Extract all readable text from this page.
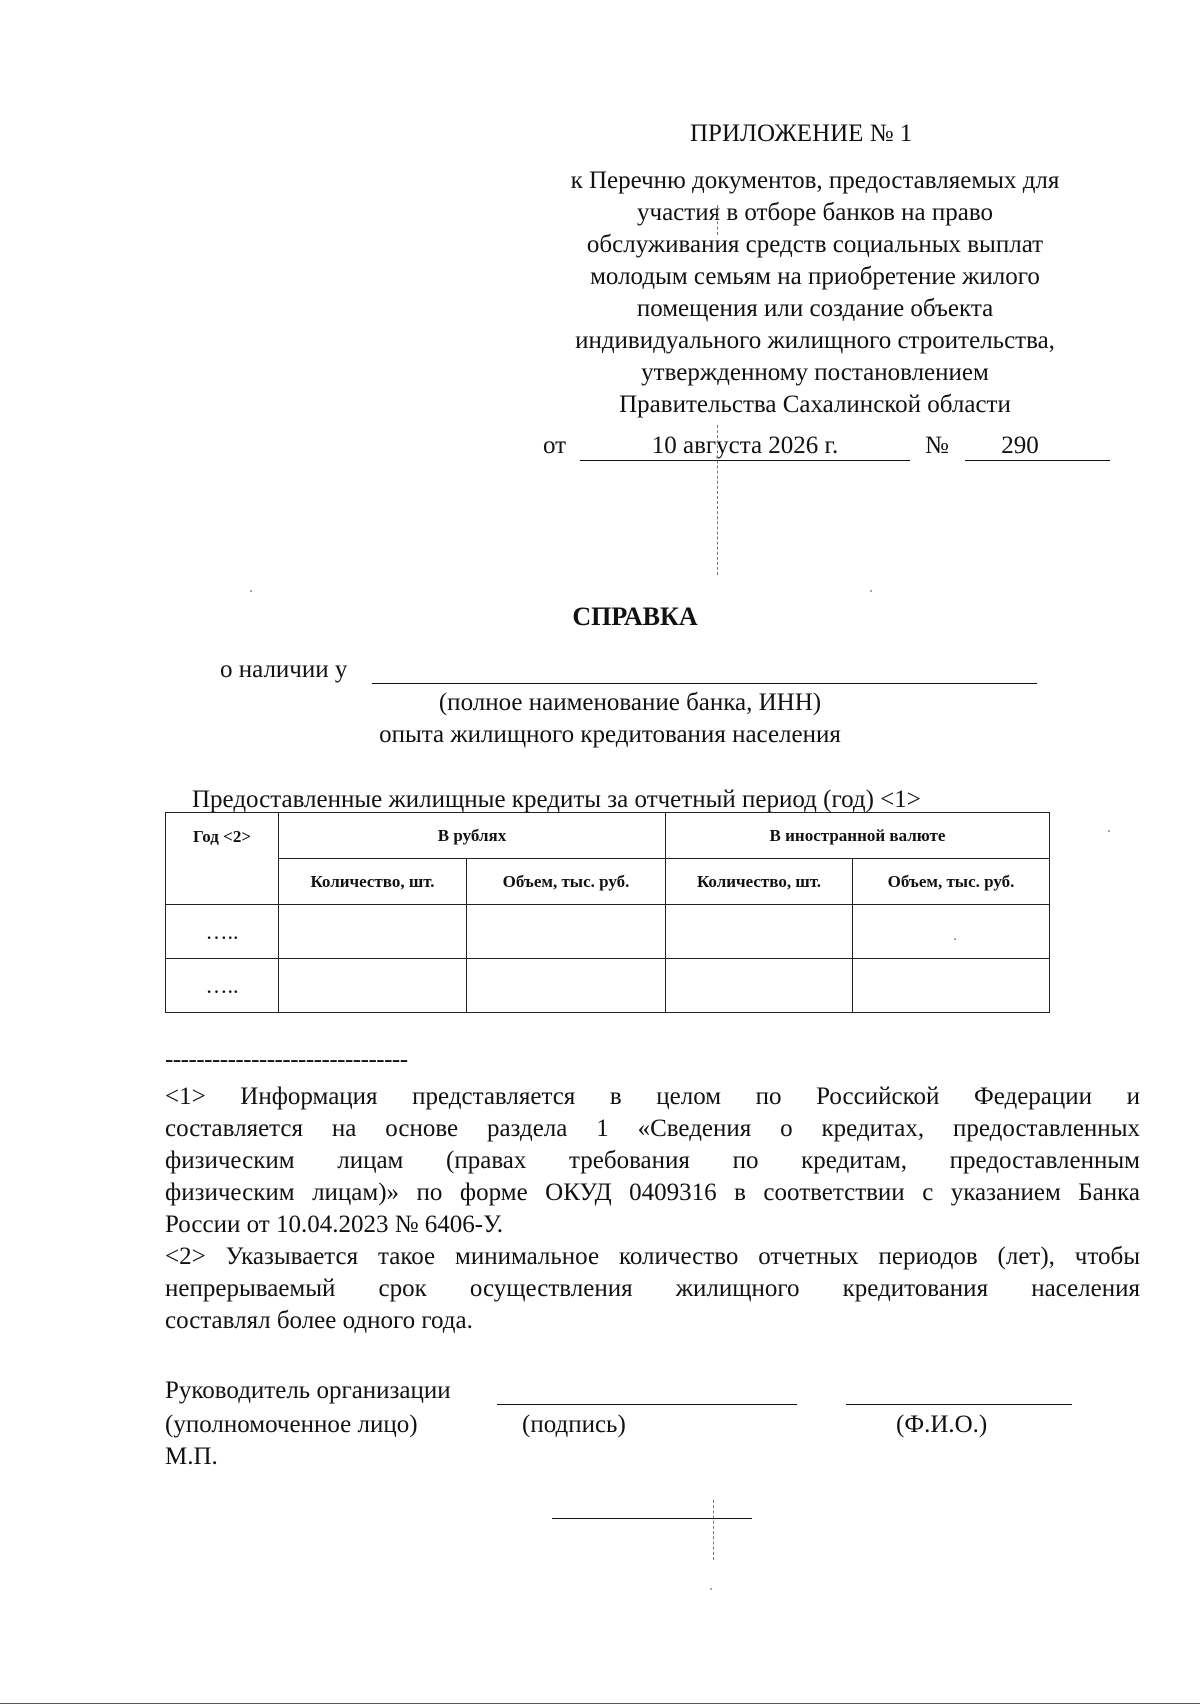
ПРИЛОЖЕНИЕ № 1
к Перечню документов, предоставляемых для
участия в отборе банков на право
обслуживания средств социальных выплат
молодым семьям на приобретение жилого
помещения или создание объекта
индивидуального жилищного строительства,
утвержденному постановлением
Правительства Сахалинской области
от	10 августа 2026 г.	№	290
СПРАВКА
о наличии у
(полное наименование банка, ИНН)
опыта жилищного кредитования населения
Предоставленные жилищные кредиты за отчетный период (год) <1>
Год <2>	В рублях		В иностранной валюте	
	Количество, шт.	Объем, тыс. руб.	Количество, шт.	Объем, тыс. руб.
…..				
…..				
-------------------------------
<1> Информация представляется в целом по Российской Федерации и
составляется на основе раздела 1 «Сведения о кредитах, предоставленных
физическим лицам (правах требования по кредитам, предоставленным
физическим лицам)» по форме ОКУД 0409316 в соответствии с указанием Банка
России от 10.04.2023 № 6406-У.
<2> Указывается такое минимальное количество отчетных периодов (лет), чтобы
непрерываемый срок осуществления жилищного кредитования населения
составлял более одного года.
Руководитель организации
(уполномоченное лицо)	(подпись)	(Ф.И.О.)
М.П.
